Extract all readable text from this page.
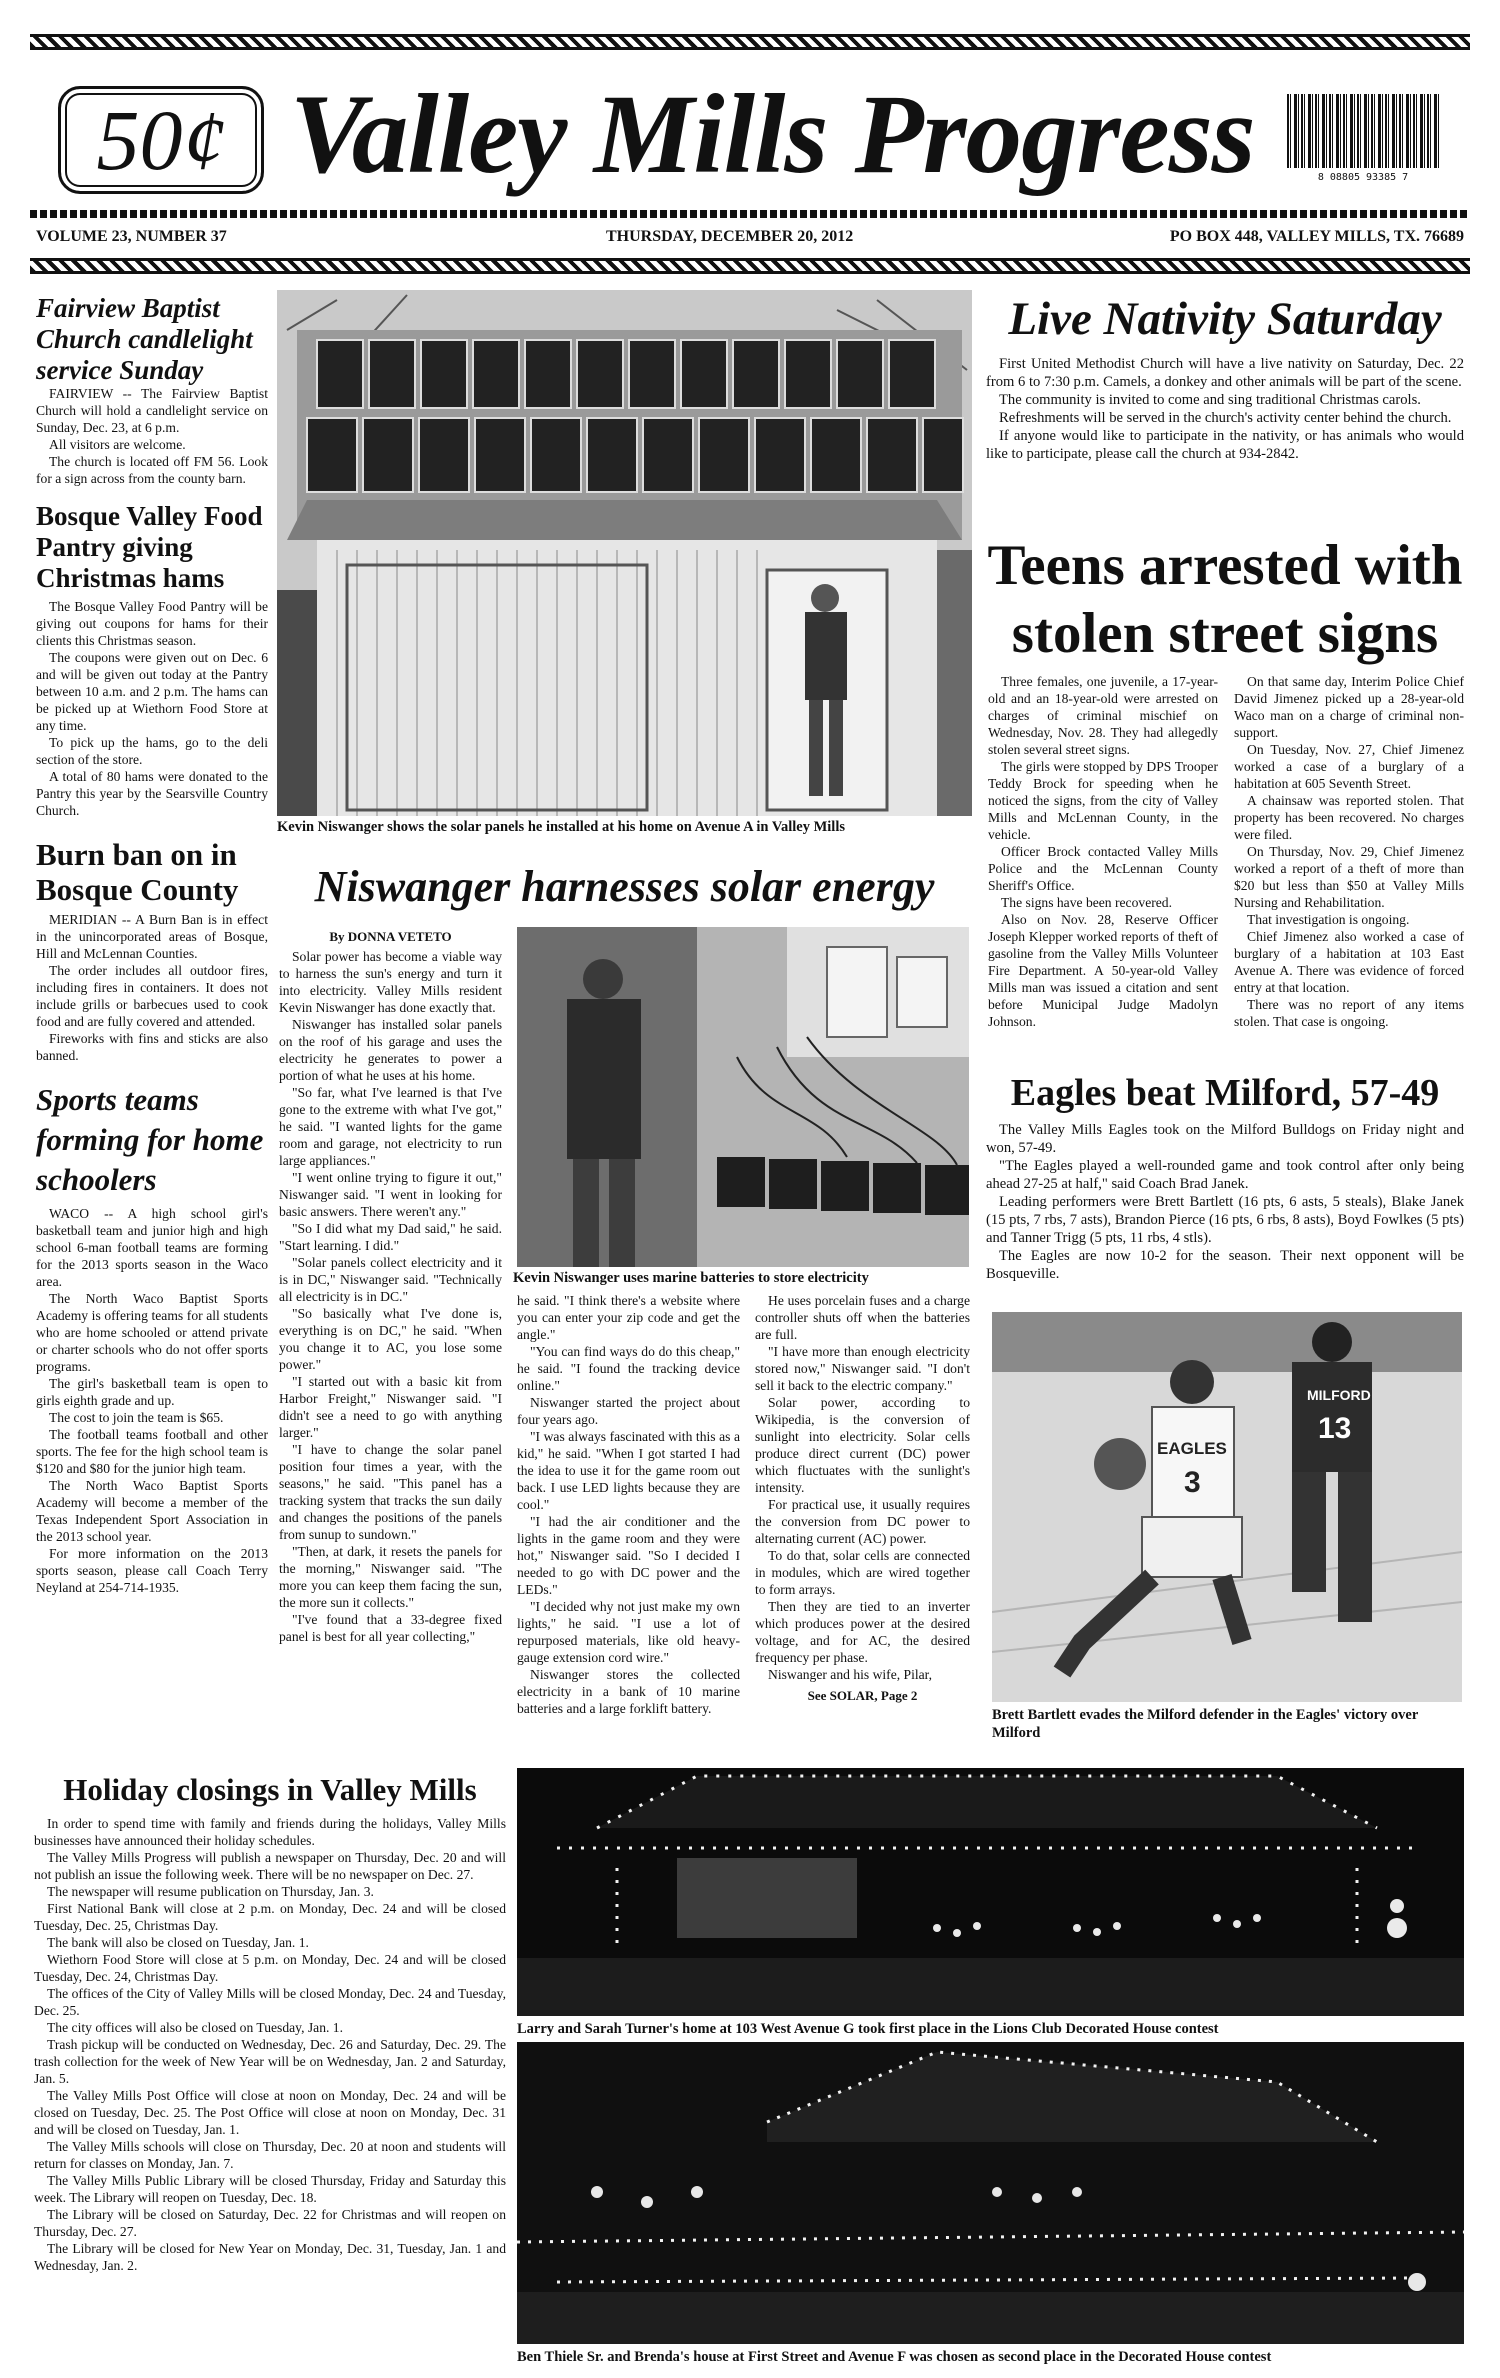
50¢ Valley Mills Progress	8 08805 93385 7
VOLUME 23, NUMBER 37	THURSDAY, DECEMBER 20, 2012	PO BOX 448, VALLEY MILLS, TX. 76689
Fairview Baptist Church candlelight service Sunday

FAIRVIEW -- The Fairview Baptist Church will hold a candlelight service on Sunday, Dec. 23, at 6 p.m.

All visitors are welcome.

The church is located off FM 56. Look for a sign across from the county barn.

Bosque Valley Food Pantry giving Christmas hams

The Bosque Valley Food Pantry will be giving out coupons for hams for their clients this Christmas season.

The coupons were given out on Dec. 6 and will be given out today at the Pantry between 10 a.m. and 2 p.m. The hams can be picked up at Wiethorn Food Store at any time.

To pick up the hams, go to the deli section of the store.

A total of 80 hams were donated to the Pantry this year by the Searsville Country Church.

Burn ban on in Bosque County

MERIDIAN -- A Burn Ban is in effect in the unincorporated areas of Bosque, Hill and McLennan Counties.

The order includes all outdoor fires, including fires in containers. It does not include grills or barbecues used to cook food and are fully covered and attended.

Fireworks with fins and sticks are also banned.

Sports teams forming for home schoolers

WACO -- A high school girl's basketball team and junior high and high school 6-man football teams are forming for the 2013 sports season in the Waco area.

The North Waco Baptist Sports Academy is offering teams for all students who are home schooled or attend private or charter schools who do not offer sports programs.

The girl's basketball team is open to girls eighth grade and up.

The cost to join the team is $65.

The football teams football and other sports. The fee for the high school team is $120 and $80 for the junior high team.

The North Waco Baptist Sports Academy will become a member of the Texas Independent Sport Association in the 2013 school year.

For more information on the 2013 sports season, please call Coach Terry Neyland at 254-714-1935.

Kevin Niswanger shows the solar panels he installed at his home on Avenue A in Valley Mills
Niswanger harnesses solar energy

By DONNA VETETO

Solar power has become a viable way to harness the sun's energy and turn it into electricity. Valley Mills resident Kevin Niswanger has done exactly that.

Niswanger has installed solar panels on the roof of his garage and uses the electricity he generates to power a portion of what he uses at his home.

"So far, what I've learned is that I've gone to the extreme with what I've got," he said. "I wanted lights for the game room and garage, not electricity to run large appliances."

"I went online trying to figure it out," Niswanger said. "I went in looking for basic answers. There weren't any."

"So I did what my Dad said," he said. "Start learning. I did."

"Solar panels collect electricity and it is in DC," Niswanger said. "Technically all electricity is in DC."

"So basically what I've done is, everything is on DC," he said. "When you change it to AC, you lose some power."

"I started out with a basic kit from Harbor Freight," Niswanger said. "I didn't see a need to go with anything larger."

"I have to change the solar panel position four times a year, with the seasons," he said. "This panel has a tracking system that tracks the sun daily and changes the positions of the panels from sunup to sundown."

"Then, at dark, it resets the panels for the morning," Niswanger said. "The more you can keep them facing the sun, the more sun it collects."

"I've found that a 33-degree fixed panel is best for all year collecting,"

Kevin Niswanger uses marine batteries to store electricity

he said. "I think there's a website where you can enter your zip code and get the angle."

"You can find ways do do this cheap," he said. "I found the tracking device online."

Niswanger started the project about four years ago.

"I was always fascinated with this as a kid," he said. "When I got started I had the idea to use it for the game room out back. I use LED lights because they are cool."

"I had the air conditioner and the lights in the game room and they were hot," Niswanger said. "So I decided I needed to go with DC power and the LEDs."

"I decided why not just make my own lights," he said. "I use a lot of repurposed materials, like old heavy-gauge extension cord wire."

Niswanger stores the collected electricity in a bank of 10 marine batteries and a large forklift battery.

He uses porcelain fuses and a charge controller shuts off when the batteries are full.

"I have more than enough electricity stored now," Niswanger said. "I don't sell it back to the electric company."

Solar power, according to Wikipedia, is the conversion of sunlight into electricity. Solar cells produce direct current (DC) power which fluctuates with the sunlight's intensity.

For practical use, it usually requires the conversion from DC power to alternating current (AC) power.

To do that, solar cells are connected in modules, which are wired together to form arrays.

Then they are tied to an inverter which produces power at the desired voltage, and for AC, the desired frequency per phase.

Niswanger and his wife, Pilar,

See SOLAR, Page 2

Live Nativity Saturday

First United Methodist Church will have a live nativity on Saturday, Dec. 22 from 6 to 7:30 p.m. Camels, a donkey and other animals will be part of the scene.

The community is invited to come and sing traditional Christmas carols.

Refreshments will be served in the church's activity center behind the church.

If anyone would like to participate in the nativity, or has animals who would like to participate, please call the church at 934-2842.

Teens arrested with stolen street signs

Three females, one juvenile, a 17-year-old and an 18-year-old were arrested on charges of criminal mischief on Wednesday, Nov. 28. They had allegedly stolen several street signs.

The girls were stopped by DPS Trooper Teddy Brock for speeding when he noticed the signs, from the city of Valley Mills and McLennan County, in the vehicle.

Officer Brock contacted Valley Mills Police and the McLennan County Sheriff's Office.

The signs have been recovered.

Also on Nov. 28, Reserve Officer Joseph Klepper worked reports of theft of gasoline from the Valley Mills Volunteer Fire Department. A 50-year-old Valley Mills man was issued a citation and sent before Municipal Judge Madolyn Johnson.

On that same day, Interim Police Chief David Jimenez picked up a 28-year-old Waco man on a charge of criminal non-support.

On Tuesday, Nov. 27, Chief Jimenez worked a case of a burglary of a habitation at 605 Seventh Street.

A chainsaw was reported stolen. That property has been recovered. No charges were filed.

On Thursday, Nov. 29, Chief Jimenez worked a report of a theft of more than $20 but less than $50 at Valley Mills Nursing and Rehabilitation.

That investigation is ongoing.

Chief Jimenez also worked a case of burglary of a habitation at 103 East Avenue A. There was evidence of forced entry at that location.

There was no report of any items stolen. That case is ongoing.

Eagles beat Milford, 57-49

The Valley Mills Eagles took on the Milford Bulldogs on Friday night and won, 57-49.

"The Eagles played a well-rounded game and took control after only being ahead 27-25 at half," said Coach Brad Janek.

Leading performers were Brett Bartlett (16 pts, 6 asts, 5 steals), Blake Janek (15 pts, 7 rbs, 7 asts), Brandon Pierce (16 pts, 6 rbs, 8 asts), Boyd Fowlkes (5 pts) and Tanner Trigg (5 pts, 11 rbs, 4 stls).

The Eagles are now 10-2 for the season. Their next opponent will be Bosqueville.

MILFORD
13
EAGLES
3
Brett Bartlett evades the Milford defender in the Eagles' victory over Milford
Holiday closings in Valley Mills

In order to spend time with family and friends during the holidays, Valley Mills businesses have announced their holiday schedules.

The Valley Mills Progress will publish a newspaper on Thursday, Dec. 20 and will not publish an issue the following week. There will be no newspaper on Dec. 27.

The newspaper will resume publication on Thursday, Jan. 3.

First National Bank will close at 2 p.m. on Monday, Dec. 24 and will be closed Tuesday, Dec. 25, Christmas Day.

The bank will also be closed on Tuesday, Jan. 1.

Wiethorn Food Store will close at 5 p.m. on Monday, Dec. 24 and will be closed Tuesday, Dec. 24, Christmas Day.

The offices of the City of Valley Mills will be closed Monday, Dec. 24 and Tuesday, Dec. 25.

The city offices will also be closed on Tuesday, Jan. 1.

Trash pickup will be conducted on Wednesday, Dec. 26 and Saturday, Dec. 29. The trash collection for the week of New Year will be on Wednesday, Jan. 2 and Saturday, Jan. 5.

The Valley Mills Post Office will close at noon on Monday, Dec. 24 and will be closed on Tuesday, Dec. 25. The Post Office will close at noon on Monday, Dec. 31 and will be closed on Tuesday, Jan. 1.

The Valley Mills schools will close on Thursday, Dec. 20 at noon and students will return for classes on Monday, Jan. 7.

The Valley Mills Public Library will be closed Thursday, Friday and Saturday this week. The Library will reopen on Tuesday, Dec. 18.

The Library will be closed on Saturday, Dec. 22 for Christmas and will reopen on Thursday, Dec. 27.

The Library will be closed for New Year on Monday, Dec. 31, Tuesday, Jan. 1 and Wednesday, Jan. 2.

Larry and Sarah Turner's home at 103 West Avenue G took first place in the Lions Club Decorated House contest
Ben Thiele Sr. and Brenda's house at First Street and Avenue F was chosen as second place in the Decorated House contest
